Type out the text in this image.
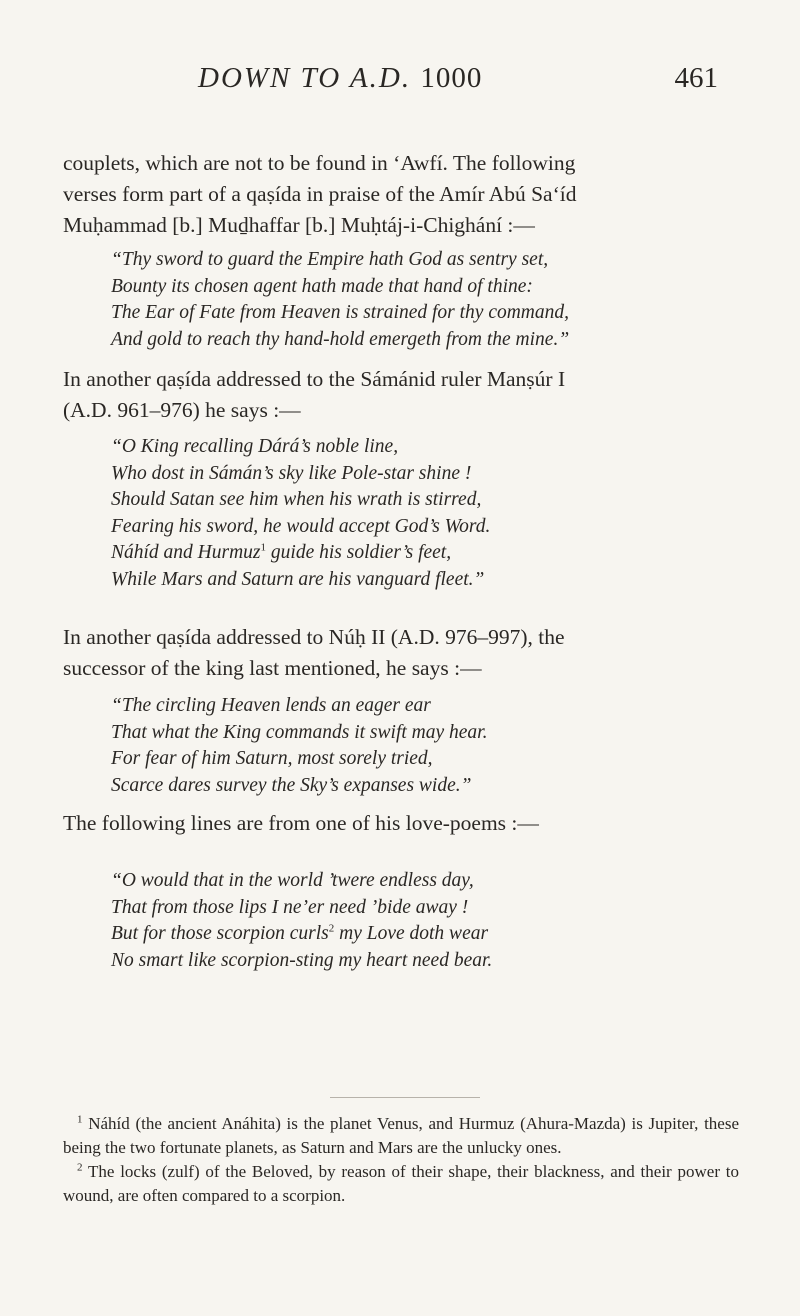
DOWN TO A.D. 1000	461
couplets, which are not to be found in ʻAwfí. The following
verses form part of a qaṣída in praise of the Amír Abú Saʻíd
Muḥammad [b.] Muḏhaffar [b.] Muḥtáj-i-Chighání :—
“Thy sword to guard the Empire hath God as sentry set,
Bounty its chosen agent hath made that hand of thine:
The Ear of Fate from Heaven is strained for thy command,
And gold to reach thy hand-hold emergeth from the mine.”
In another qaṣída addressed to the Sámánid ruler Manṣúr I
(A.D. 961–976) he says :—
“O King recalling Dárá’s noble line,
Who dost in Sámán’s sky like Pole-star shine !
Should Satan see him when his wrath is stirred,
Fearing his sword, he would accept God’s Word.
Náhíd and Hurmuz$^1$ guide his soldier’s feet,
While Mars and Saturn are his vanguard fleet.”
In another qaṣída addressed to Núḥ II (A.D. 976–997), the
successor of the king last mentioned, he says :—
“The circling Heaven lends an eager ear
That what the King commands it swift may hear.
For fear of him Saturn, most sorely tried,
Scarce dares survey the Sky’s expanses wide.”
The following lines are from one of his love-poems :—
“O would that in the world ’twere endless day,
That from those lips I ne’er need ’bide away !
But for those scorpion curls$^2$ my Love doth wear
No smart like scorpion-sting my heart need bear.

$^1$ Náhíd (the ancient Anáhita) is the planet Venus, and Hurmuz (Ahura-Mazda) is Jupiter, these being the two fortunate planets, as Saturn and Mars are the unlucky ones.

$^2$ The locks (zulf) of the Beloved, by reason of their shape, their blackness, and their power to wound, are often compared to a scorpion.
